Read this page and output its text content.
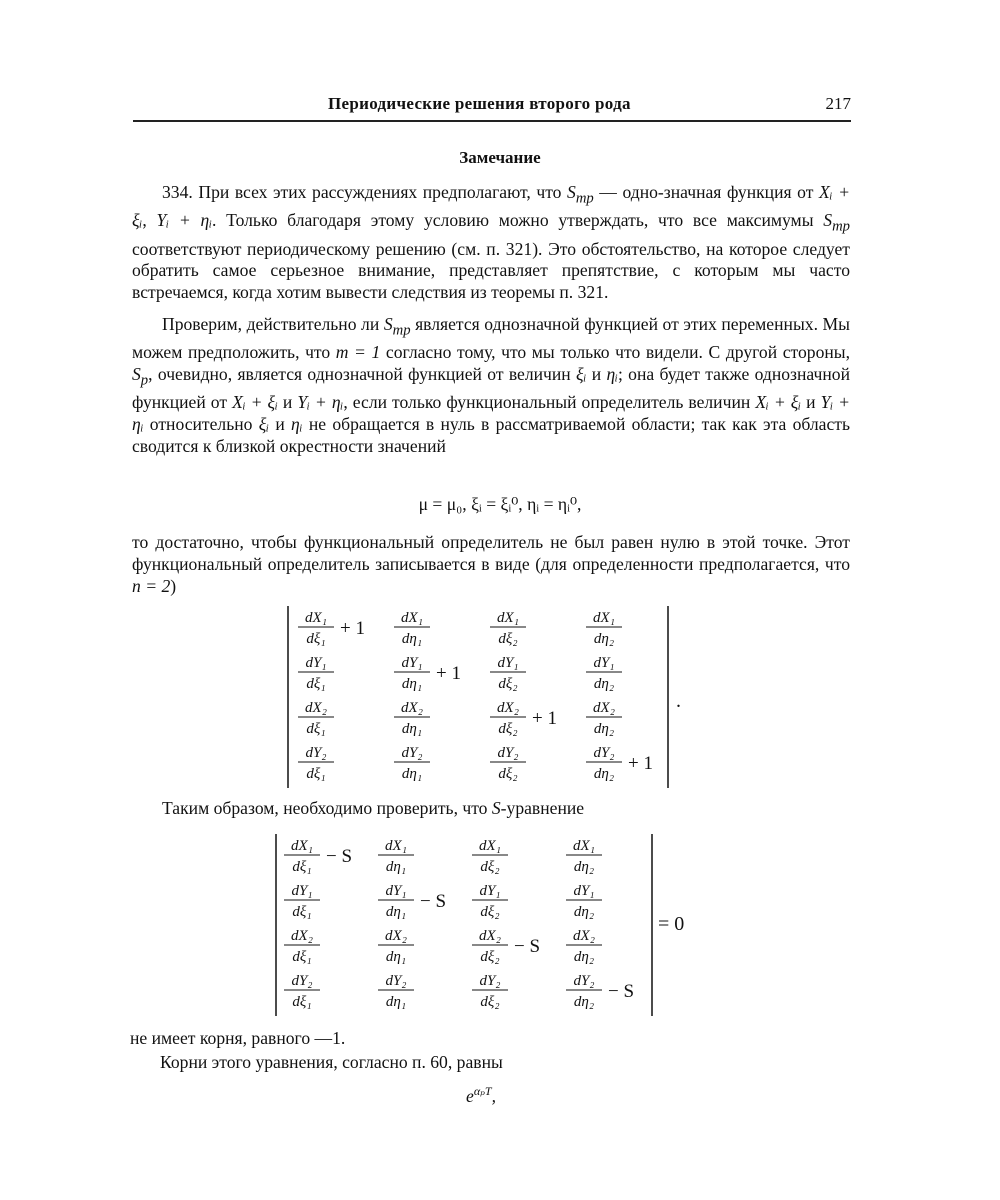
Периодические решения второго рода	217
Замечание

334. При всех этих рассуждениях предполагают, что $S_{mp}$ — одно-значная функция от Xᵢ + ξᵢ, Yᵢ + ηᵢ. Только благодаря этому условию можно утверждать, что все максимумы $S_{mp}$ соответствуют периодическому решению (см. п. 321). Это обстоятельство, на которое следует обратить самое серьезное внимание, представляет препятствие, с которым мы часто встречаемся, когда хотим вывести следствия из теоремы п. 321.

Проверим, действительно ли $S_{mp}$ является однозначной функцией от этих переменных. Мы можем предположить, что m = 1 согласно тому, что мы только что видели. С другой стороны, $S_p$, очевидно, является однозначной функцией от величин ξᵢ и ηᵢ; она будет также однозначной функцией от Xᵢ + ξᵢ и Yᵢ + ηᵢ, если только функциональный определитель величин Xᵢ + ξᵢ и Yᵢ + ηᵢ относительно ξᵢ и ηᵢ не обращается в нуль в рассматриваемой области; так как эта область сводится к близкой окрестности значений

μ = μ₀, ξᵢ = ξᵢ⁰, ηᵢ = ηᵢ⁰,

то достаточно, чтобы функциональный определитель не был равен нулю в этой точке. Этот функциональный определитель записывается в виде (для определенности предполагается, что n = 2)

dX₁
dξ₁ + 1 dX₁
dη₁
dX₁
dξ₂
dX₁
dη₂
dY₁
dξ₁
dY₁
dη₁ + 1 dY₁
dξ₂
dY₁
dη₂
dX₂
dξ₁
dX₂
dη₁
dX₂
dξ₂ + 1 dX₂
dη₂
dY₂
dξ₁
dY₂
dη₁
dY₂
dξ₂
dY₂
dη₂ + 1
.

Таким образом, необходимо проверить, что S-уравнение

dX₁
dξ₁ − S dX₁
dη₁
dX₁
dξ₂
dX₁
dη₂
dY₁
dξ₁
dY₁
dη₁ − S dY₁
dξ₂
dY₁
dη₂
dX₂
dξ₁
dX₂
dη₁
dX₂
dξ₂ − S dX₂
dη₂
dY₂
dξ₁
dY₂
dη₁
dY₂
dξ₂
dY₂
dη₂ − S
= 0
не имеет корня, равного —1.
Корни этого уравнения, согласно п. 60, равны
$e^{\alpha_pT}$,
